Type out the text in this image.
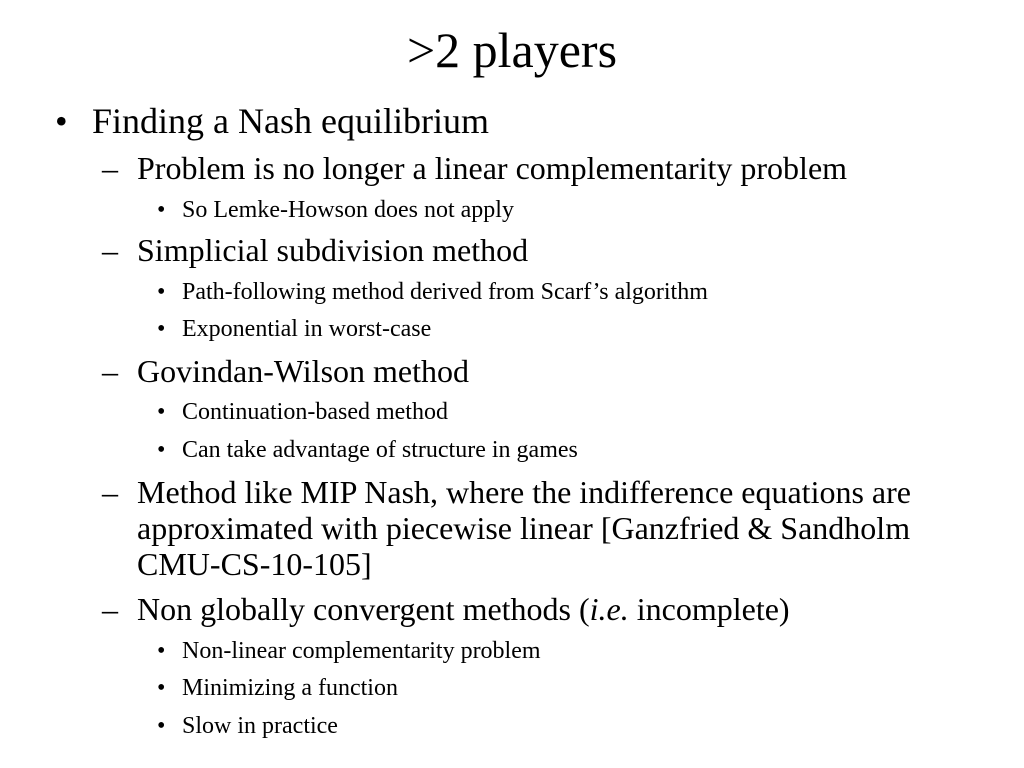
>2 players
• Finding a Nash equilibrium
– Problem is no longer a linear complementarity problem
• So Lemke-Howson does not apply
– Simplicial subdivision method
• Path-following method derived from Scarf’s algorithm
• Exponential in worst-case
– Govindan-Wilson method
• Continuation-based method
• Can take advantage of structure in games
– Method like MIP Nash, where the indifference equations are
approximated with piecewise linear [Ganzfried & Sandholm
CMU-CS-10-105]
– Non globally convergent methods (i.e. incomplete)
• Non-linear complementarity problem
• Minimizing a function
• Slow in practice
